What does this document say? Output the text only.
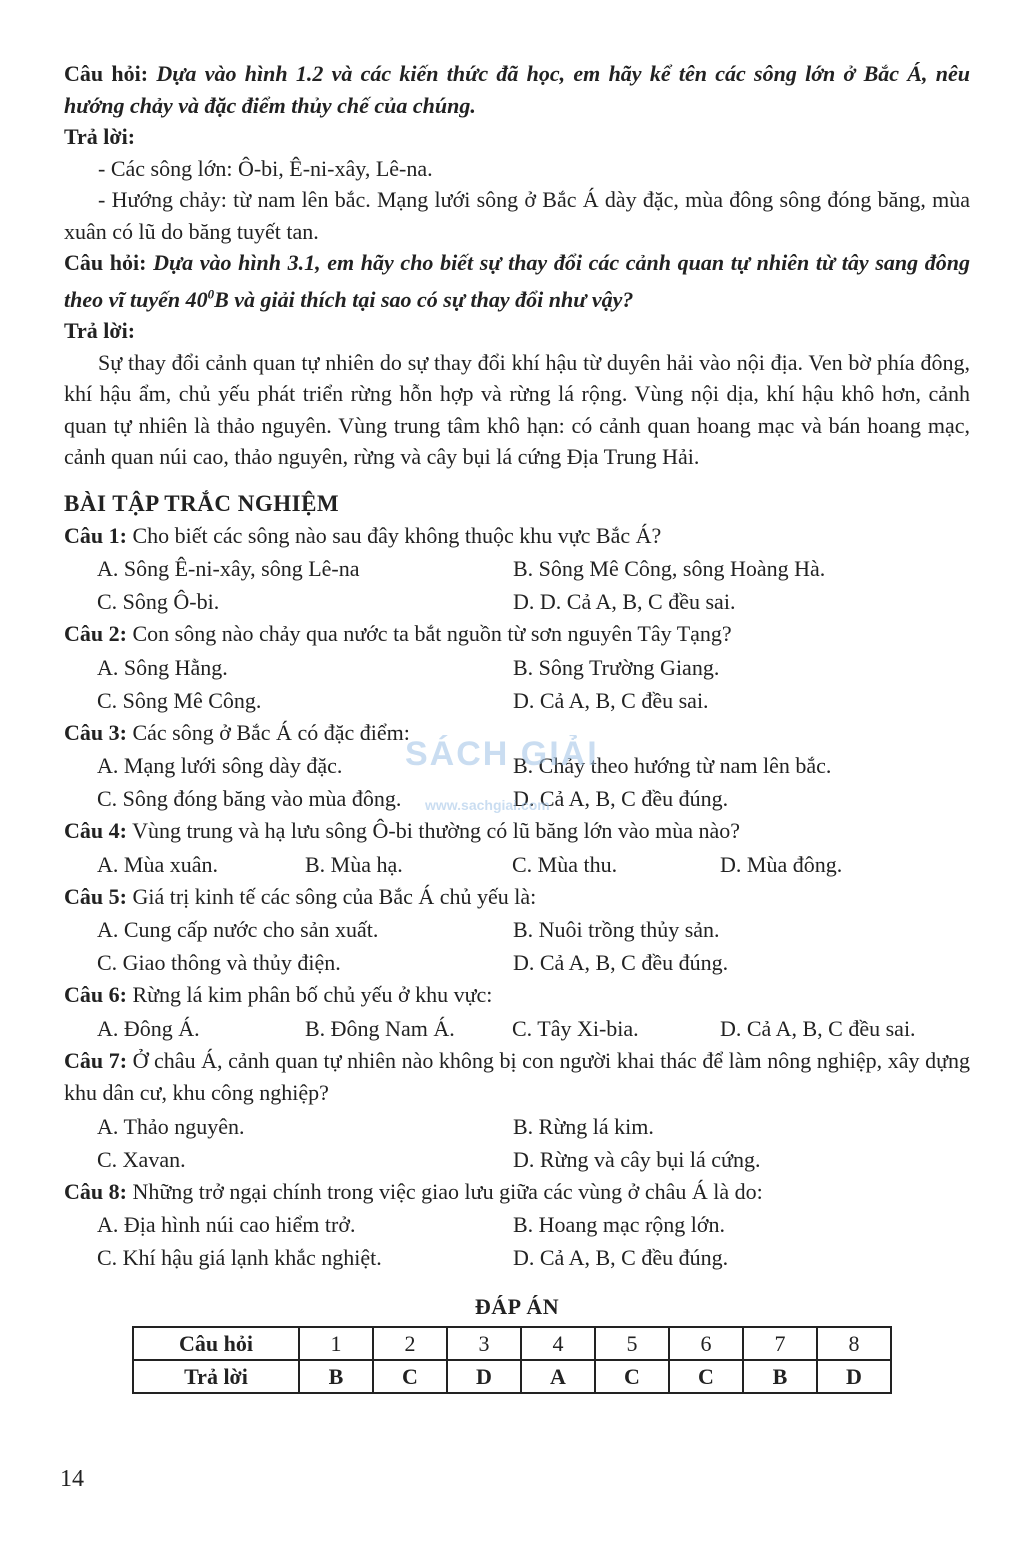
Câu hỏi: Dựa vào hình 1.2 và các kiến thức đã học, em hãy kể tên các sông lớn ở Bắc Á, nêu hướng chảy và đặc điểm thủy chế của chúng.
Trả lời:
- Các sông lớn: Ô-bi, Ê-ni-xây, Lê-na.
- Hướng chảy: từ nam lên bắc. Mạng lưới sông ở Bắc Á dày đặc, mùa đông sông đóng băng, mùa xuân có lũ do băng tuyết tan.
Câu hỏi: Dựa vào hình 3.1, em hãy cho biết sự thay đổi các cảnh quan tự nhiên từ tây sang đông theo vĩ tuyến $40^0B$ và giải thích tại sao có sự thay đổi như vậy?
Trả lời:

Sự thay đổi cảnh quan tự nhiên do sự thay đổi khí hậu từ duyên hải vào nội địa. Ven bờ phía đông, khí hậu ẩm, chủ yếu phát triển rừng hỗn hợp và rừng lá rộng. Vùng nội dịa, khí hậu khô hơn, cảnh quan tự nhiên là thảo nguyên. Vùng trung tâm khô hạn: có cảnh quan hoang mạc và bán hoang mạc, cảnh quan núi cao, thảo nguyên, rừng và cây bụi lá cứng Địa Trung Hải.

BÀI TẬP TRẮC NGHIỆM
Câu 1: Cho biết các sông nào sau đây không thuộc khu vực Bắc Á?
A. Sông Ê-ni-xây, sông Lê-na	B. Sông Mê Công, sông Hoàng Hà.
C. Sông Ô-bi.	D. D. Cả A, B, C đều sai.
Câu 2: Con sông nào chảy qua nước ta bắt nguồn từ sơn nguyên Tây Tạng?
A. Sông Hằng.	B. Sông Trường Giang.
C. Sông Mê Công.	D. Cả A, B, C đều sai.
Câu 3: Các sông ở Bắc Á có đặc điểm:
A. Mạng lưới sông dày đặc.	B. Chảy theo hướng từ nam lên bắc.
C. Sông đóng băng vào mùa đông.	D. Cả A, B, C đều đúng.
Câu 4: Vùng trung và hạ lưu sông Ô-bi thường có lũ băng lớn vào mùa nào?
A. Mùa xuân.	B. Mùa hạ.	C. Mùa thu.	D. Mùa đông.
Câu 5: Giá trị kinh tế các sông của Bắc Á chủ yếu là:
A. Cung cấp nước cho sản xuất.	B. Nuôi trồng thủy sản.
C. Giao thông và thủy điện.	D. Cả A, B, C đều đúng.
Câu 6: Rừng lá kim phân bố chủ yếu ở khu vực:
A. Đông Á.	B. Đông Nam Á.	C. Tây Xi-bia.	D. Cả A, B, C đều sai.
Câu 7: Ở châu Á, cảnh quan tự nhiên nào không bị con người khai thác để làm nông nghiệp, xây dựng khu dân cư, khu công nghiệp?
A. Thảo nguyên.	B. Rừng lá kim.
C. Xavan.	D. Rừng và cây bụi lá cứng.
Câu 8: Những trở ngại chính trong việc giao lưu giữa các vùng ở châu Á là do:
A. Địa hình núi cao hiểm trở.	B. Hoang mạc rộng lớn.
C. Khí hậu giá lạnh khắc nghiệt.	D. Cả A, B, C đều đúng.
ĐÁP ÁN
Câu hỏi	1	2	3	4	5	6	7	8
Trả lời	B	C	D	A	C	C	B	D
SÁCH GIẢI
www.sachgiai.com
14
